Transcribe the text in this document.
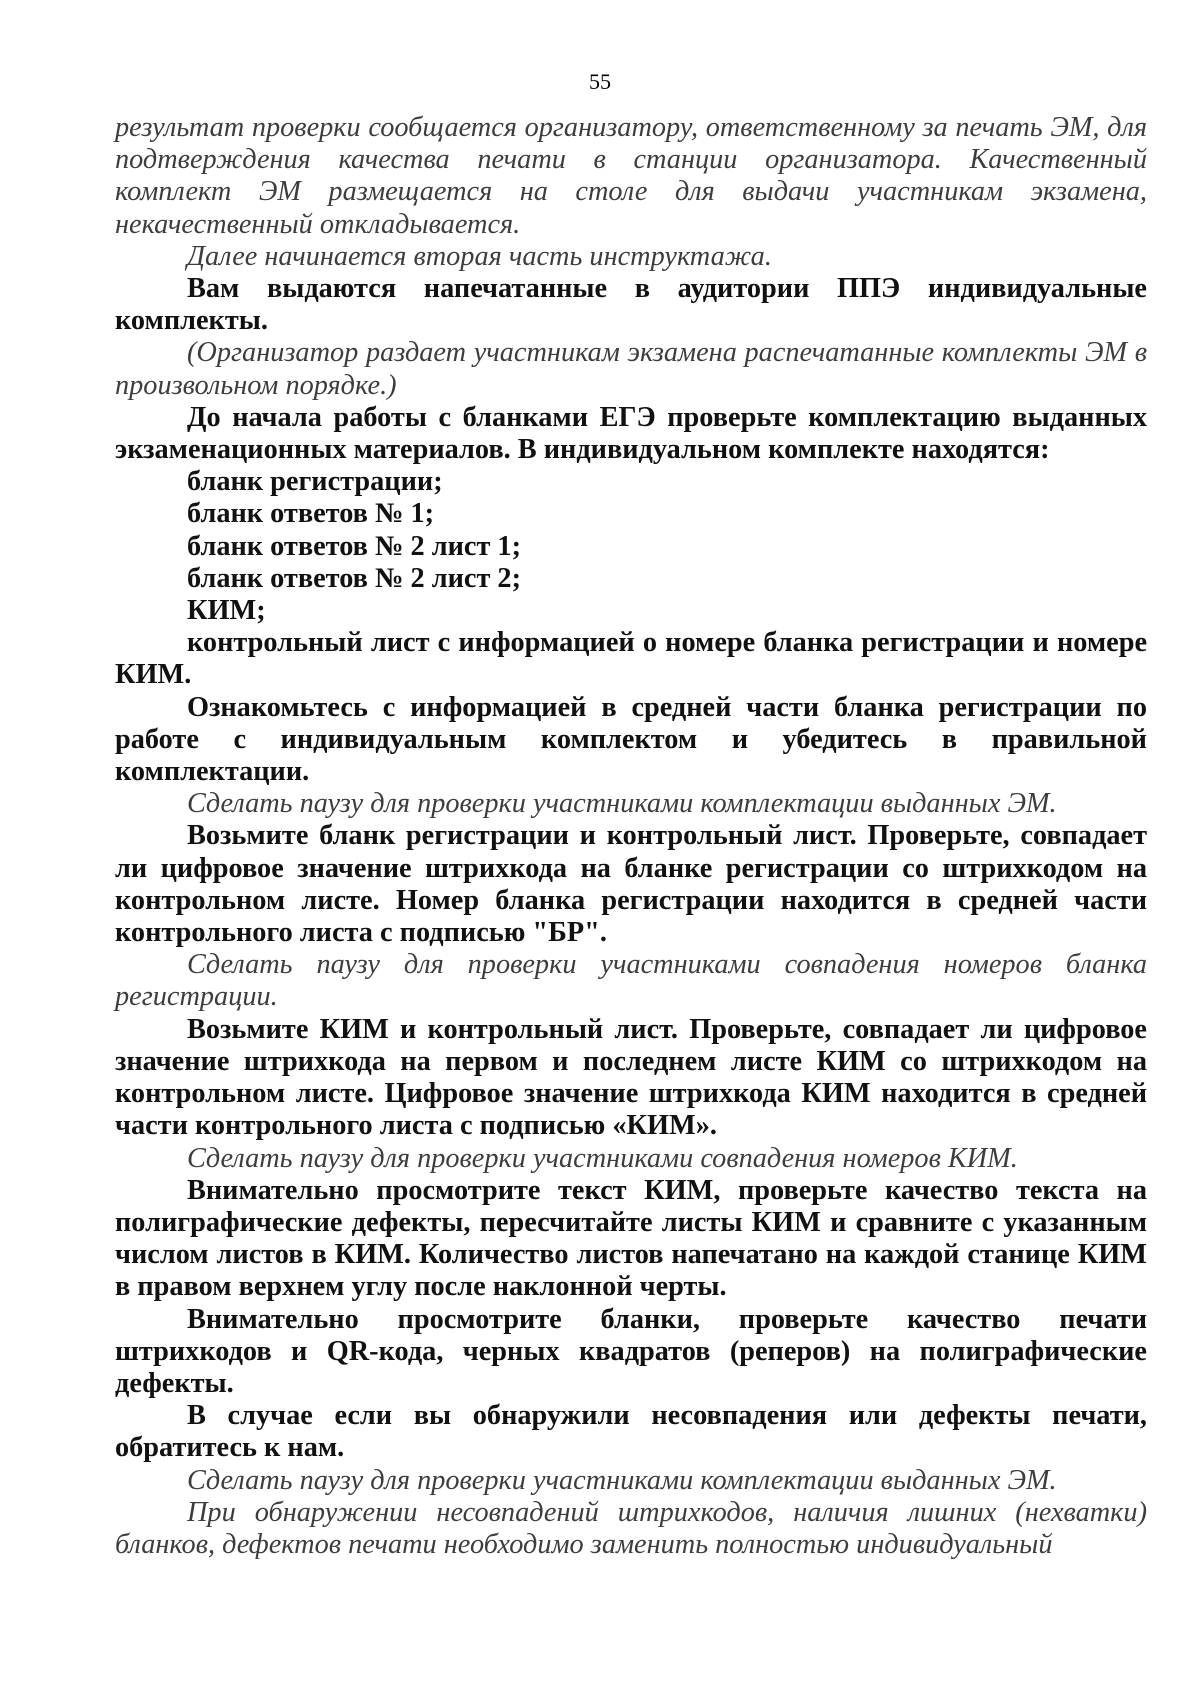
55

результат проверки сообщается организатору, ответственному за печать ЭМ, для подтверждения качества печати в станции организатора. Качественный комплект ЭМ размещается на столе для выдачи участникам экзамена, некачественный откладывается.

Далее начинается вторая часть инструктажа.

Вам выдаются напечатанные в аудитории ППЭ индивидуальные комплекты.

(Организатор раздает участникам экзамена распечатанные комплекты ЭМ в произвольном порядке.)

До начала работы с бланками ЕГЭ проверьте комплектацию выданных экзаменационных материалов. В индивидуальном комплекте находятся:

бланк регистрации;

бланк ответов № 1;

бланк ответов № 2 лист 1;

бланк ответов № 2 лист 2;

КИМ;

контрольный лист с информацией о номере бланка регистрации и номере КИМ.

Ознакомьтесь с информацией в средней части бланка регистрации по работе с индивидуальным комплектом и убедитесь в правильной комплектации.

Сделать паузу для проверки участниками комплектации выданных ЭМ.

Возьмите бланк регистрации и контрольный лист. Проверьте, совпадает ли цифровое значение штрихкода на бланке регистрации со штрихкодом на контрольном листе. Номер бланка регистрации находится в средней части контрольного листа с подписью "БР".

Сделать паузу для проверки участниками совпадения номеров бланка регистрации.

Возьмите КИМ и контрольный лист. Проверьте, совпадает ли цифровое значение штрихкода на первом и последнем листе КИМ со штрихкодом на контрольном листе. Цифровое значение штрихкода КИМ находится в средней части контрольного листа с подписью «КИМ».

Сделать паузу для проверки участниками совпадения номеров КИМ.

Внимательно просмотрите текст КИМ, проверьте качество текста на полиграфические дефекты, пересчитайте листы КИМ и сравните с указанным числом листов в КИМ. Количество листов напечатано на каждой станице КИМ в правом верхнем углу после наклонной черты.

Внимательно просмотрите бланки, проверьте качество печати штрихкодов и QR-кода, черных квадратов (реперов) на полиграфические дефекты.

В случае если вы обнаружили несовпадения или дефекты печати, обратитесь к нам.

Сделать паузу для проверки участниками комплектации выданных ЭМ.

При обнаружении несовпадений штрихкодов, наличия лишних (нехватки) бланков, дефектов печати необходимо заменить полностью индивидуальный
